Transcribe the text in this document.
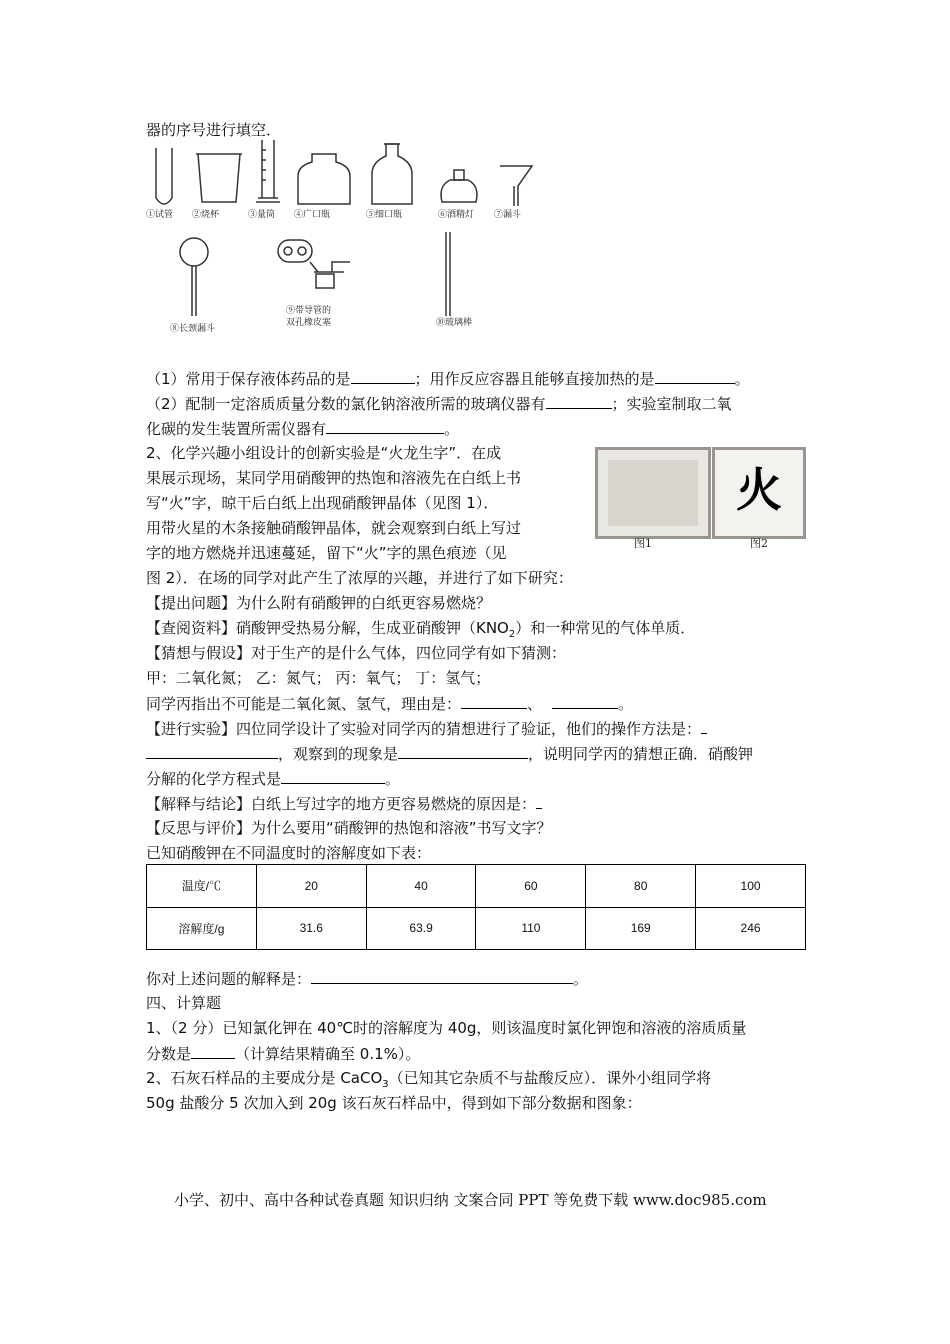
器的序号进行填空．
①试管 ②烧杯	③量筒 ④广口瓶	⑤细口瓶	⑥酒精灯 ⑦漏斗
⑧长颈漏斗
⑨带导管的
双孔橡皮塞	⑩玻璃棒
（1）常用于保存液体药品的是	；用作反应容器且能够直接加热的是	。
（2）配制一定溶质质量分数的氯化钠溶液所需的玻璃仪器有	；实验室制取二氧
化碳的发生装置所需仪器有	。
2、化学兴趣小组设计的创新实验是“火龙生字”．在成
果展示现场，某同学用硝酸钾的热饱和溶液先在白纸上书
写“火”字，晾干后白纸上出现硝酸钾晶体（见图 1）．
用带火星的木条接触硝酸钾晶体，就会观察到白纸上写过
字的地方燃烧并迅速蔓延，留下“火”字的黑色痕迹（见
图 2）．在场的同学对此产生了浓厚的兴趣，并进行了如下研究：
火
图1	图2
【提出问题】为什么附有硝酸钾的白纸更容易燃烧？
【查阅资料】硝酸钾受热易分解，生成亚硝酸钾$(KNO_2)$和一种常见的气体单质．
【猜想与假设】对于生产的是什么气体，四位同学有如下猜测：
甲：二氧化氮； 乙：氮气； 丙：氧气； 丁：氢气；
同学丙指出不可能是二氧化氮、氢气，理由是：	、	。
【进行实验】四位同学设计了实验对同学丙的猜想进行了验证，他们的操作方法是：
，观察到的现象是	，说明同学丙的猜想正确．硝酸钾
分解的化学方程式是	。
【解释与结论】白纸上写过字的地方更容易燃烧的原因是：
【反思与评价】为什么要用“硝酸钾的热饱和溶液”书写文字？
已知硝酸钾在不同温度时的溶解度如下表：
温度/℃	20	40	60	80	100
溶解度/g	31.6	63.9	110	169	246
你对上述问题的解释是：	。
四、计算题
1、（2 分）已知氯化钾在 40℃时的溶解度为 40g，则该温度时氯化钾饱和溶液的溶质质量
分数是	（计算结果精确至 0.1%）。
2、石灰石样品的主要成分是 CaCO$_3$（已知其它杂质不与盐酸反应）．课外小组同学将
50g 盐酸分 5 次加入到 20g 该石灰石样品中，得到如下部分数据和图象：
小学、初中、高中各种试卷真题 知识归纳 文案合同 PPT 等免费下载 www.doc985.com
